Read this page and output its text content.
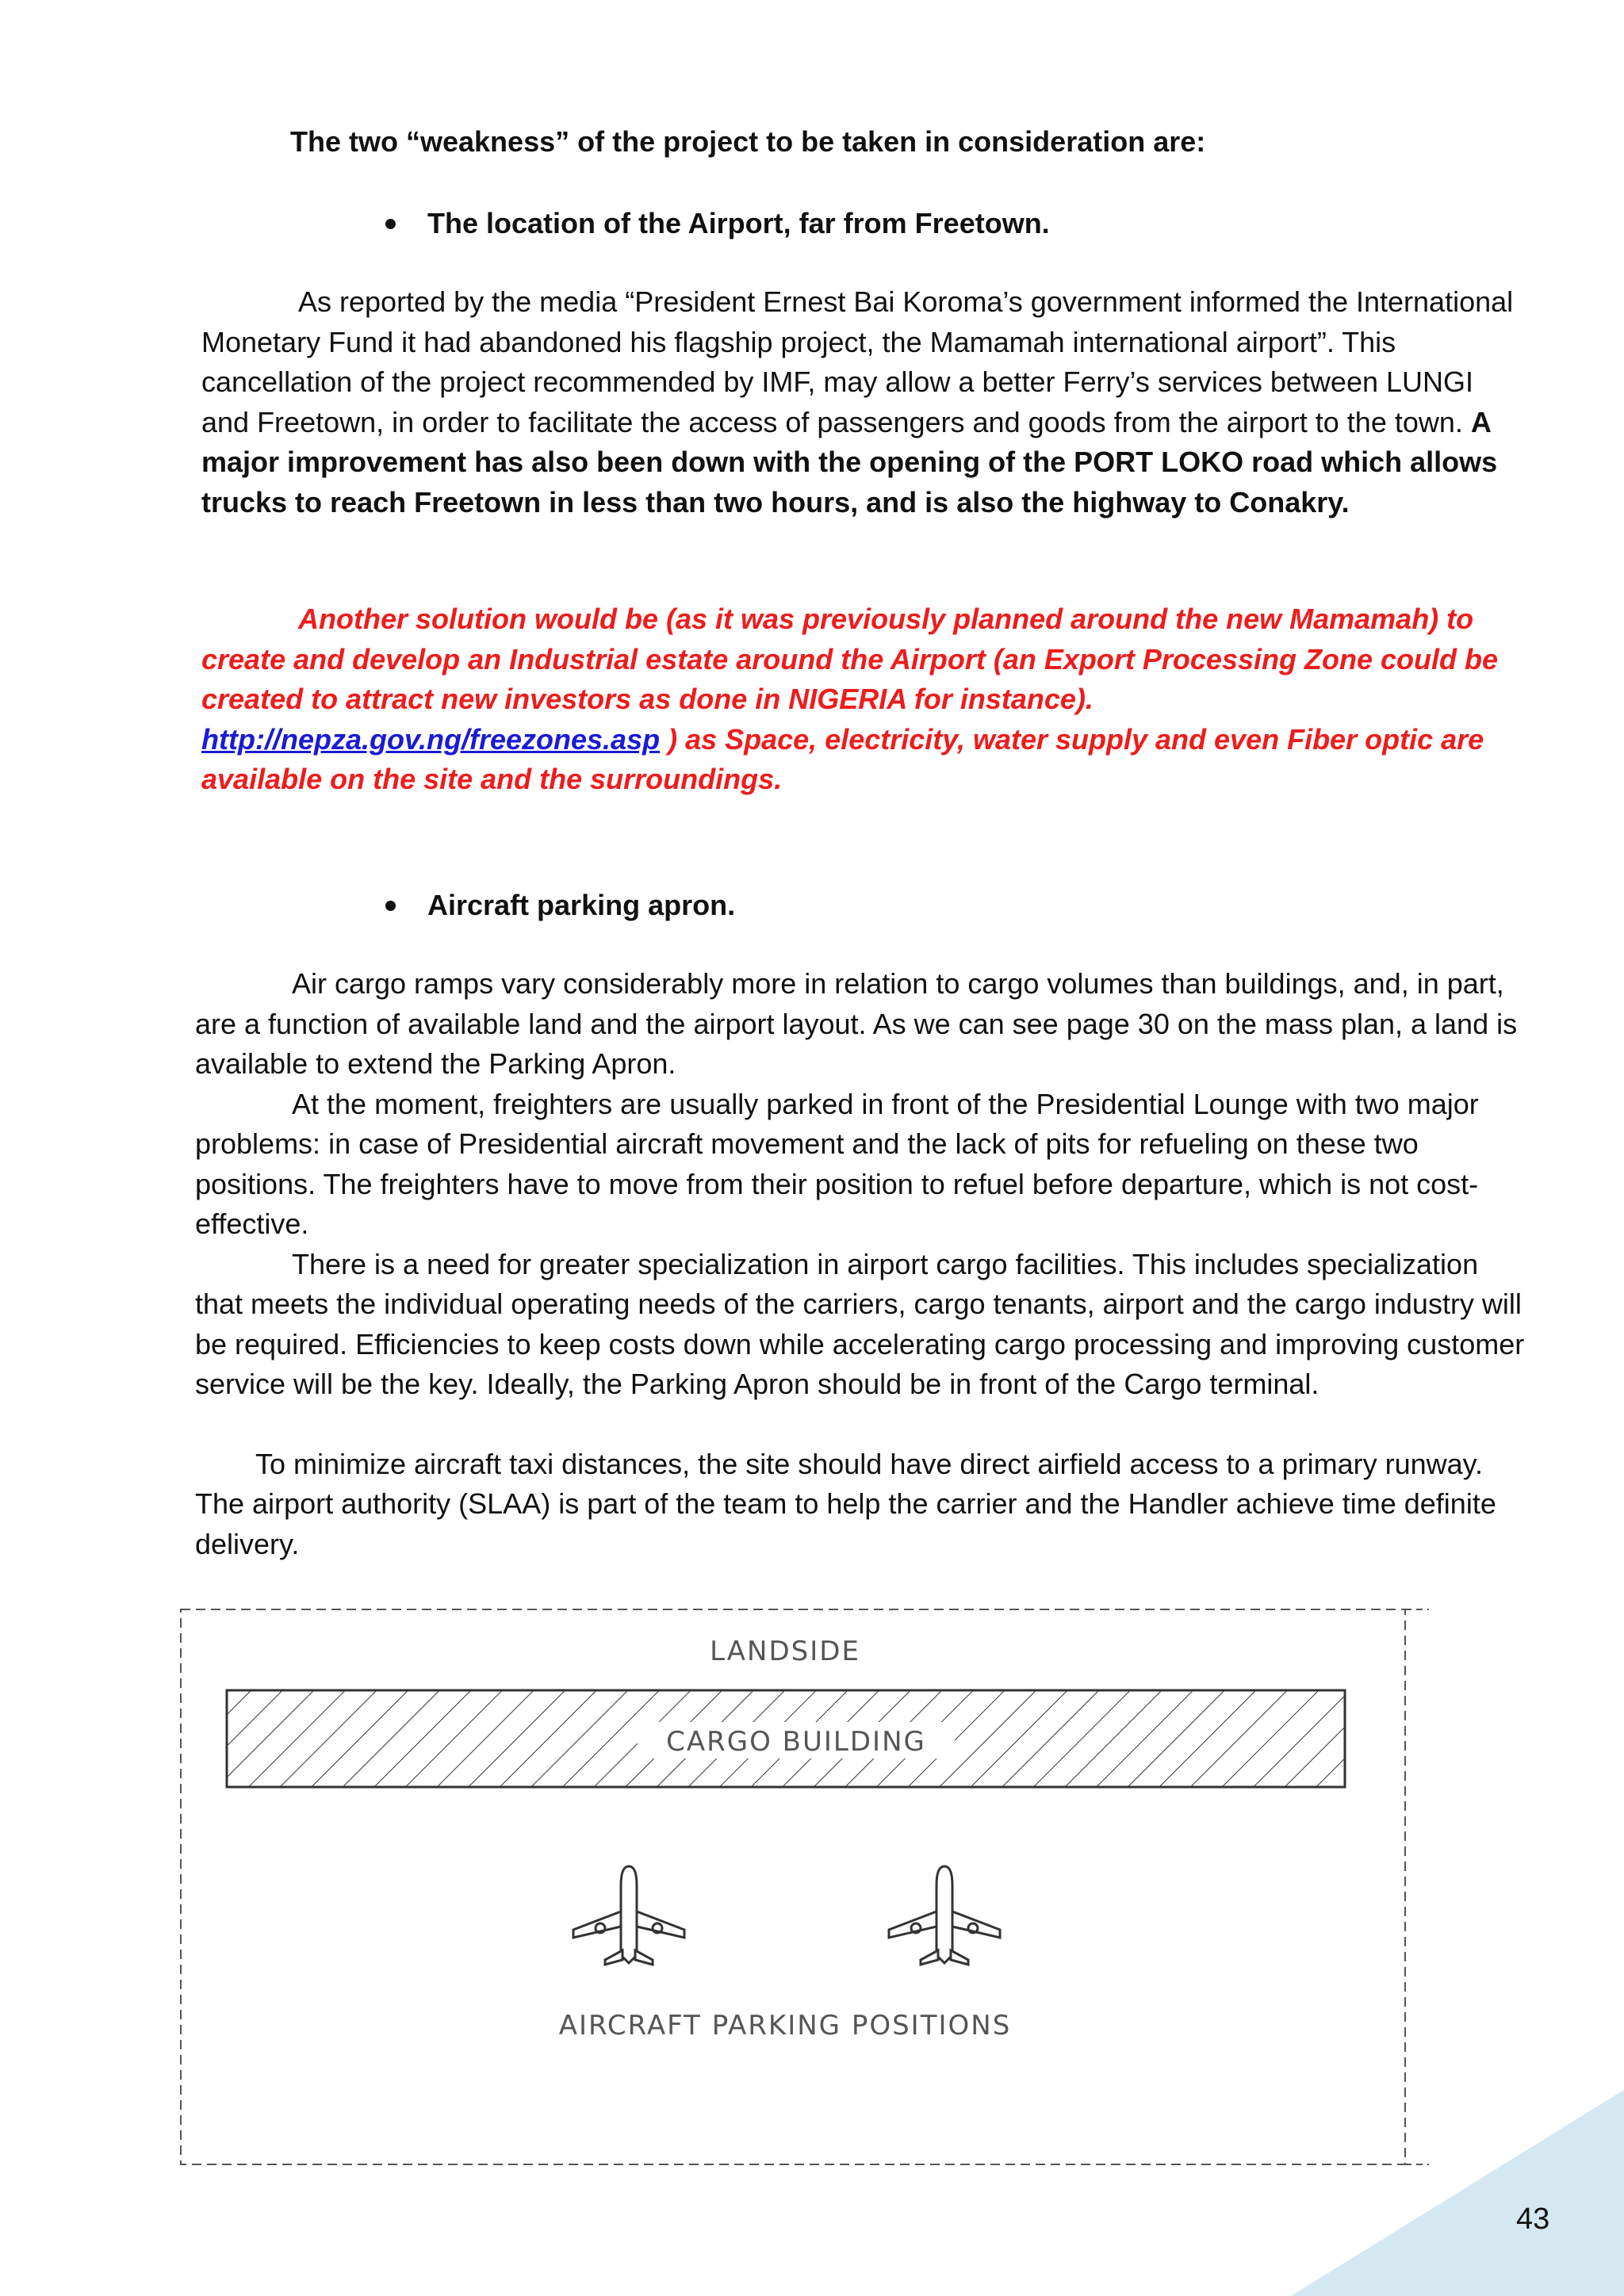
The two “weakness” of the project to be taken in consideration are:
The location of the Airport, far from Freetown.

As reported by the media “President Ernest Bai Koroma’s government informed the International Monetary Fund it had abandoned his flagship project, the Mamamah international airport”. This cancellation of the project recommended by IMF, may allow a better Ferry’s services between LUNGI and Freetown, in order to facilitate the access of passengers and goods from the airport to the town. A major improvement has also been down with the opening of the PORT LOKO road which allows trucks to reach Freetown in less than two hours, and is also the highway to Conakry.

Another solution would be (as it was previously planned around the new Mamamah) to create and develop an Industrial estate around the Airport (an Export Processing Zone could be created to attract new investors as done in NIGERIA for instance).
http://nepza.gov.ng/freezones.asp ) as Space, electricity, water supply and even Fiber optic are available on the site and the surroundings.

Aircraft parking apron.

Air cargo ramps vary considerably more in relation to cargo volumes than buildings, and, in part, are a function of available land and the airport layout. As we can see page 30 on the mass plan, a land is available to extend the Parking Apron.

At the moment, freighters are usually parked in front of the Presidential Lounge with two major problems: in case of Presidential aircraft movement and the lack of pits for refueling on these two positions. The freighters have to move from their position to refuel before departure, which is not cost-effective.

There is a need for greater specialization in airport cargo facilities. This includes specialization that meets the individual operating needs of the carriers, cargo tenants, airport and the cargo industry will be required. Efficiencies to keep costs down while accelerating cargo processing and improving customer service will be the key. Ideally, the Parking Apron should be in front of the Cargo terminal.

To minimize aircraft taxi distances, the site should have direct airfield access to a primary runway. The airport authority (SLAA) is part of the team to help the carrier and the Handler achieve time definite delivery.

LANDSIDE
CARGO BUILDING
AIRCRAFT PARKING POSITIONS
43
